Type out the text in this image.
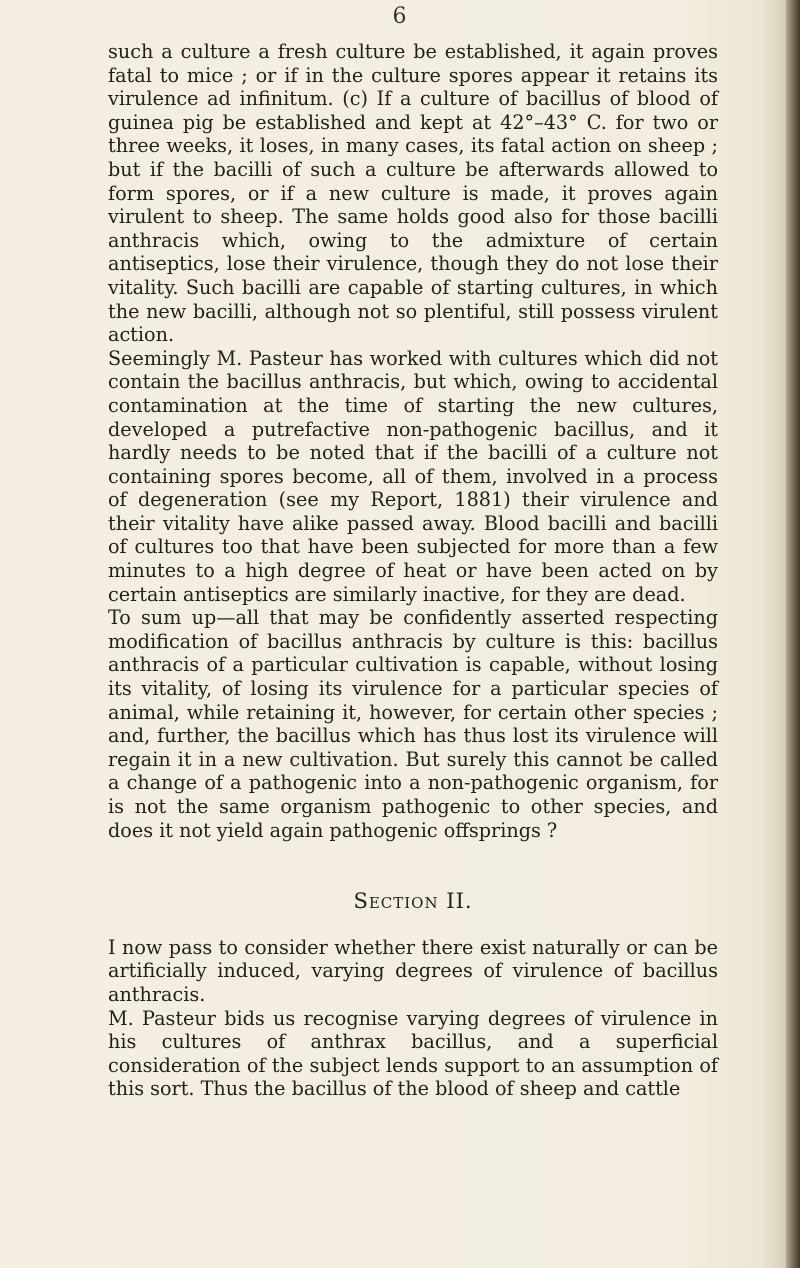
6

such a culture a fresh culture be established, it again proves fatal to mice ; or if in the culture spores appear it retains its virulence ad infinitum. (c) If a culture of bacillus of blood of guinea pig be established and kept at 42°–43° C. for two or three weeks, it loses, in many cases, its fatal action on sheep ; but if the bacilli of such a culture be afterwards allowed to form spores, or if a new culture is made, it proves again virulent to sheep. The same holds good also for those bacilli anthracis which, owing to the admixture of certain antiseptics, lose their virulence, though they do not lose their vitality. Such bacilli are capable of starting cultures, in which the new bacilli, although not so plentiful, still possess virulent action.

Seemingly M. Pasteur has worked with cultures which did not contain the bacillus anthracis, but which, owing to accidental contamination at the time of starting the new cultures, developed a putrefactive non-pathogenic bacillus, and it hardly needs to be noted that if the bacilli of a culture not containing spores become, all of them, involved in a process of degeneration (see my Report, 1881) their virulence and their vitality have alike passed away. Blood bacilli and bacilli of cultures too that have been subjected for more than a few minutes to a high degree of heat or have been acted on by certain antiseptics are similarly inactive, for they are dead.

To sum up—all that may be confidently asserted respecting modification of bacillus anthracis by culture is this: bacillus anthracis of a particular cultivation is capable, without losing its vitality, of losing its virulence for a particular species of animal, while retaining it, however, for certain other species ; and, further, the bacillus which has thus lost its virulence will regain it in a new cultivation. But surely this cannot be called a change of a pathogenic into a non-pathogenic organism, for is not the same organism pathogenic to other species, and does it not yield again pathogenic offsprings ?

Section II.

I now pass to consider whether there exist naturally or can be artificially induced, varying degrees of virulence of bacillus anthracis.

M. Pasteur bids us recognise varying degrees of virulence in his cultures of anthrax bacillus, and a superficial consideration of the subject lends support to an assumption of this sort. Thus the bacillus of the blood of sheep and cattle
